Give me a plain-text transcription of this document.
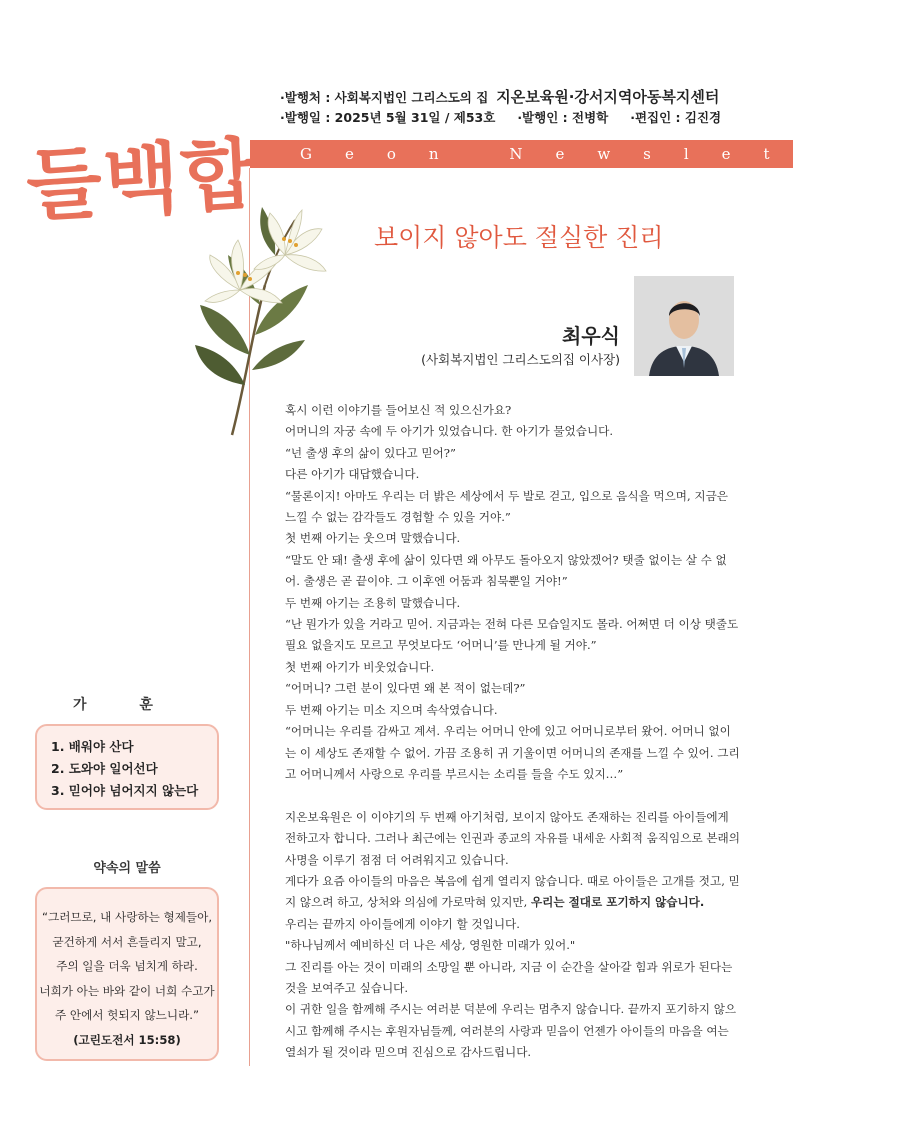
·발행처 : 사회복지법인 그리스도의 집 지온보육원·강서지역아동복지센터
·발행일 : 2025년 5월 31일 / 제53호 ·발행인 : 전병학 ·편집인 : 김진경
Geon Newsletter
들백합
보이지 않아도 절실한 진리
최우식
(사회복지법인 그리스도의집 이사장)

혹시 이런 이야기를 들어보신 적 있으신가요?

어머니의 자궁 속에 두 아기가 있었습니다. 한 아기가 물었습니다.

“넌 출생 후의 삶이 있다고 믿어?”

다른 아기가 대답했습니다.

“물론이지! 아마도 우리는 더 밝은 세상에서 두 발로 걷고, 입으로 음식을 먹으며, 지금은 느낄 수 없는 감각들도 경험할 수 있을 거야.”

첫 번째 아기는 웃으며 말했습니다.

“말도 안 돼! 출생 후에 삶이 있다면 왜 아무도 돌아오지 않았겠어? 탯줄 없이는 살 수 없어. 출생은 곧 끝이야. 그 이후엔 어둠과 침묵뿐일 거야!”

두 번째 아기는 조용히 말했습니다.

“난 뭔가가 있을 거라고 믿어. 지금과는 전혀 다른 모습일지도 몰라. 어쩌면 더 이상 탯줄도 필요 없을지도 모르고 무엇보다도 ‘어머니’를 만나게 될 거야.”

첫 번째 아기가 비웃었습니다.

“어머니? 그런 분이 있다면 왜 본 적이 없는데?”

두 번째 아기는 미소 지으며 속삭였습니다.

“어머니는 우리를 감싸고 계셔. 우리는 어머니 안에 있고 어머니로부터 왔어. 어머니 없이는 이 세상도 존재할 수 없어. 가끔 조용히 귀 기울이면 어머니의 존재를 느낄 수 있어. 그리고 어머니께서 사랑으로 우리를 부르시는 소리를 들을 수도 있지…”

지온보육원은 이 이야기의 두 번째 아기처럼, 보이지 않아도 존재하는 진리를 아이들에게 전하고자 합니다. 그러나 최근에는 인권과 종교의 자유를 내세운 사회적 움직임으로 본래의 사명을 이루기 점점 더 어려워지고 있습니다.

게다가 요즘 아이들의 마음은 복음에 쉽게 열리지 않습니다. 때로 아이들은 고개를 젓고, 믿지 않으려 하고, 상처와 의심에 가로막혀 있지만, 우리는 절대로 포기하지 않습니다.

우리는 끝까지 아이들에게 이야기 할 것입니다.

"하나님께서 예비하신 더 나은 세상, 영원한 미래가 있어."

그 진리를 아는 것이 미래의 소망일 뿐 아니라, 지금 이 순간을 살아갈 힘과 위로가 된다는 것을 보여주고 싶습니다.

이 귀한 일을 함께해 주시는 여러분 덕분에 우리는 멈추지 않습니다. 끝까지 포기하지 않으시고 함께해 주시는 후원자님들께, 여러분의 사랑과 믿음이 언젠가 아이들의 마음을 여는 열쇠가 될 것이라 믿으며 진심으로 감사드립니다.

가 훈
1. 배워야 산다
2. 도와야 일어선다
3. 믿어야 넘어지지 않는다
약속의 말씀
“그러므로, 내 사랑하는 형제들아,
굳건하게 서서 흔들리지 말고,
주의 일을 더욱 넘치게 하라.
너희가 아는 바와 같이 너희 수고가
주 안에서 헛되지 않느니라.”
(고린도전서 15:58)
